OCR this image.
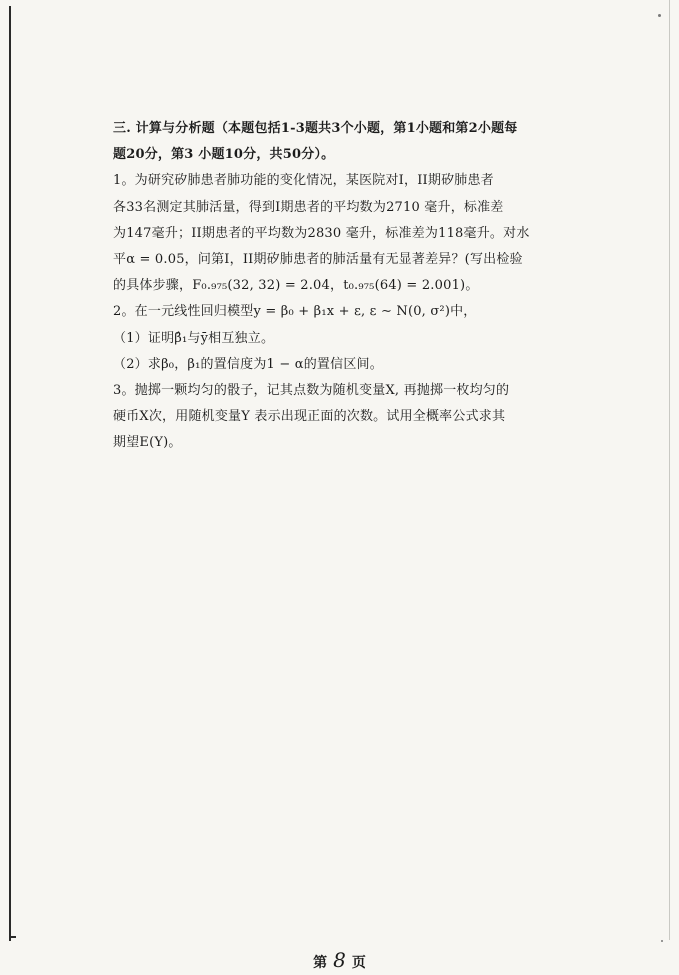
三. 计算与分析题（本题包括1-3题共3个小题，第1小题和第2小题每
题20分，第3 小题10分，共50分）。
1。为研究矽肺患者肺功能的变化情况，某医院对I，II期矽肺患者
各33名测定其肺活量，得到I期患者的平均数为2710 毫升，标准差
为147毫升；II期患者的平均数为2830 毫升，标准差为118毫升。对水
平α = 0.05，问第I，II期矽肺患者的肺活量有无显著差异？(写出检验
的具体步骤，F₀.₉₇₅(32, 32) = 2.04，t₀.₉₇₅(64) = 2.001)。
2。在一元线性回归模型y = β₀ + β₁x + ε, ε ∼ N(0, σ²)中，
（1）证明β̂₁与ȳ相互独立。
（2）求β₀，β₁的置信度为1 − α的置信区间。
3。抛掷一颗均匀的骰子，记其点数为随机变量X, 再抛掷一枚均匀的
硬币X次，用随机变量Y 表示出现正面的次数。试用全概率公式求其
期望E(Y)。
第 8 页
